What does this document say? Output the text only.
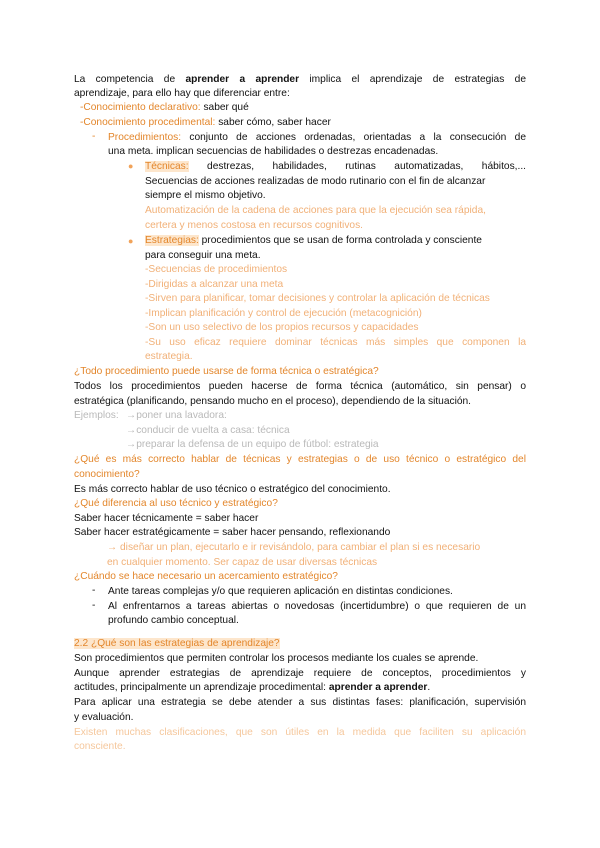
La competencia de aprender a aprender implica el aprendizaje de estrategias de
aprendizaje, para ello hay que diferenciar entre:
-Conocimiento declarativo: saber qué
-Conocimiento procedimental: saber cómo, saber hacer
- Procedimientos: conjunto de acciones ordenadas, orientadas a la consecución de
una meta. implican secuencias de habilidades o destrezas encadenadas.
● Técnicas: destrezas, habilidades, rutinas automatizadas, hábitos,...
Secuencias de acciones realizadas de modo rutinario con el fin de alcanzar
siempre el mismo objetivo.
Automatización de la cadena de acciones para que la ejecución sea rápida,
certera y menos costosa en recursos cognitivos.
● Estrategias: procedimientos que se usan de forma controlada y consciente
para conseguir una meta.
-Secuencias de procedimientos
-Dirigidas a alcanzar una meta
-Sirven para planificar, tomar decisiones y controlar la aplicación de técnicas
-Implican planificación y control de ejecución (metacognición)
-Son un uso selectivo de los propios recursos y capacidades
-Su uso eficaz requiere dominar técnicas más simples que componen la
estrategia.
¿Todo procedimiento puede usarse de forma técnica o estratégica?
Todos los procedimientos pueden hacerse de forma técnica (automático, sin pensar) o
estratégica (planificando, pensando mucho en el proceso), dependiendo de la situación.
Ejemplos: →poner una lavadora:
→conducir de vuelta a casa: técnica
→preparar la defensa de un equipo de fútbol: estrategia
¿Qué es más correcto hablar de técnicas y estrategias o de uso técnico o estratégico del
conocimiento?
Es más correcto hablar de uso técnico o estratégico del conocimiento.
¿Qué diferencia al uso técnico y estratégico?
Saber hacer técnicamente = saber hacer
Saber hacer estratégicamente = saber hacer pensando, reflexionando
→ diseñar un plan, ejecutarlo e ir revisándolo, para cambiar el plan si es necesario
en cualquier momento. Ser capaz de usar diversas técnicas
¿Cuándo se hace necesario un acercamiento estratégico?
- Ante tareas complejas y/o que requieren aplicación en distintas condiciones.
- Al enfrentarnos a tareas abiertas o novedosas (incertidumbre) o que requieren de un
profundo cambio conceptual.
2.2 ¿Qué son las estrategias de aprendizaje?
Son procedimientos que permiten controlar los procesos mediante los cuales se aprende.
Aunque aprender estrategias de aprendizaje requiere de conceptos, procedimientos y
actitudes, principalmente un aprendizaje procedimental: aprender a aprender.
Para aplicar una estrategia se debe atender a sus distintas fases: planificación, supervisión
y evaluación.
Existen muchas clasificaciones, que son útiles en la medida que faciliten su aplicación
consciente.
